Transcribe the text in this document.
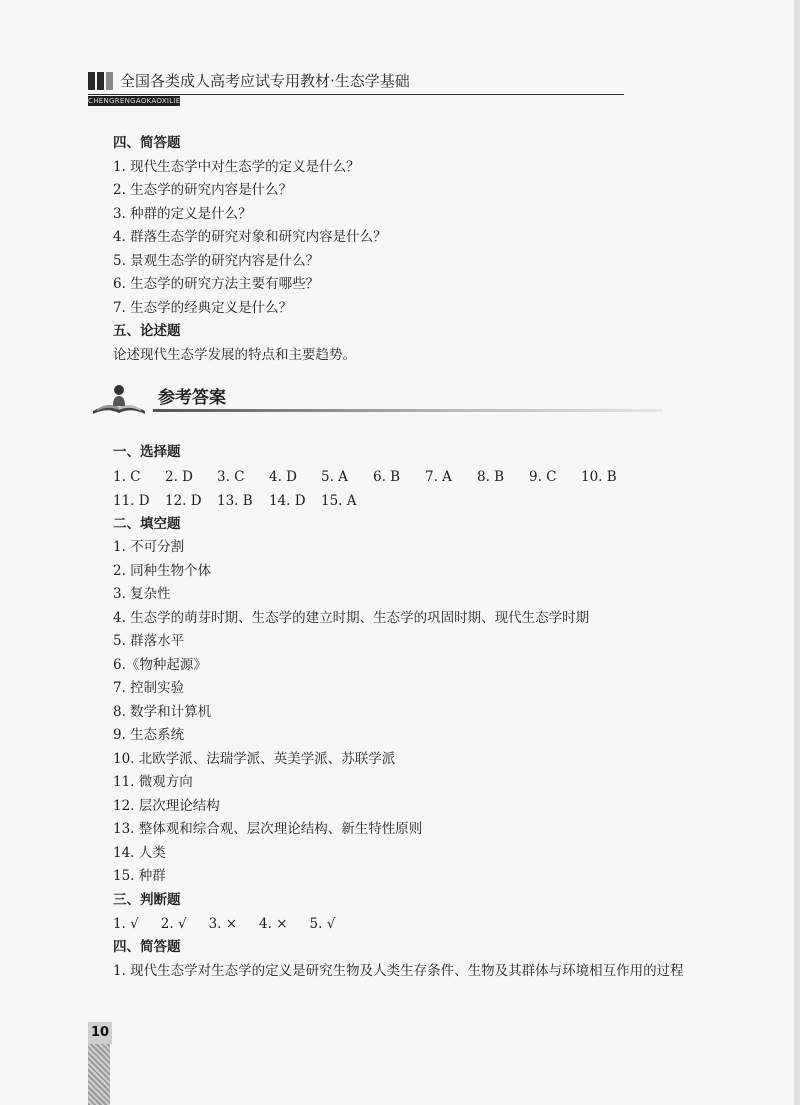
全国各类成人高考应试专用教材·生态学基础
CHENGRENGAOKAOXILIE
四、简答题
1. 现代生态学中对生态学的定义是什么？
2. 生态学的研究内容是什么？
3. 种群的定义是什么？
4. 群落生态学的研究对象和研究内容是什么？
5. 景观生态学的研究内容是什么？
6. 生态学的研究方法主要有哪些？
7. 生态学的经典定义是什么？
五、论述题
论述现代生态学发展的特点和主要趋势。
参考答案
一、选择题
1. C	2. D	3. C	4. D	5. A	6. B	7. A	8. B	9. C	10. B
11. D	12. D	13. B	14. D	15. A
二、填空题
1. 不可分割
2. 同种生物个体
3. 复杂性
4. 生态学的萌芽时期、生态学的建立时期、生态学的巩固时期、现代生态学时期
5. 群落水平
6.《物种起源》
7. 控制实验
8. 数学和计算机
9. 生态系统
10. 北欧学派、法瑞学派、英美学派、苏联学派
11. 微观方向
12. 层次理论结构
13. 整体观和综合观、层次理论结构、新生特性原则
14. 人类
15. 种群
三、判断题
1. √ 2. √ 3. × 4. × 5. √
四、简答题
1. 现代生态学对生态学的定义是研究生物及人类生存条件、生物及其群体与环境相互作用的过程
10
